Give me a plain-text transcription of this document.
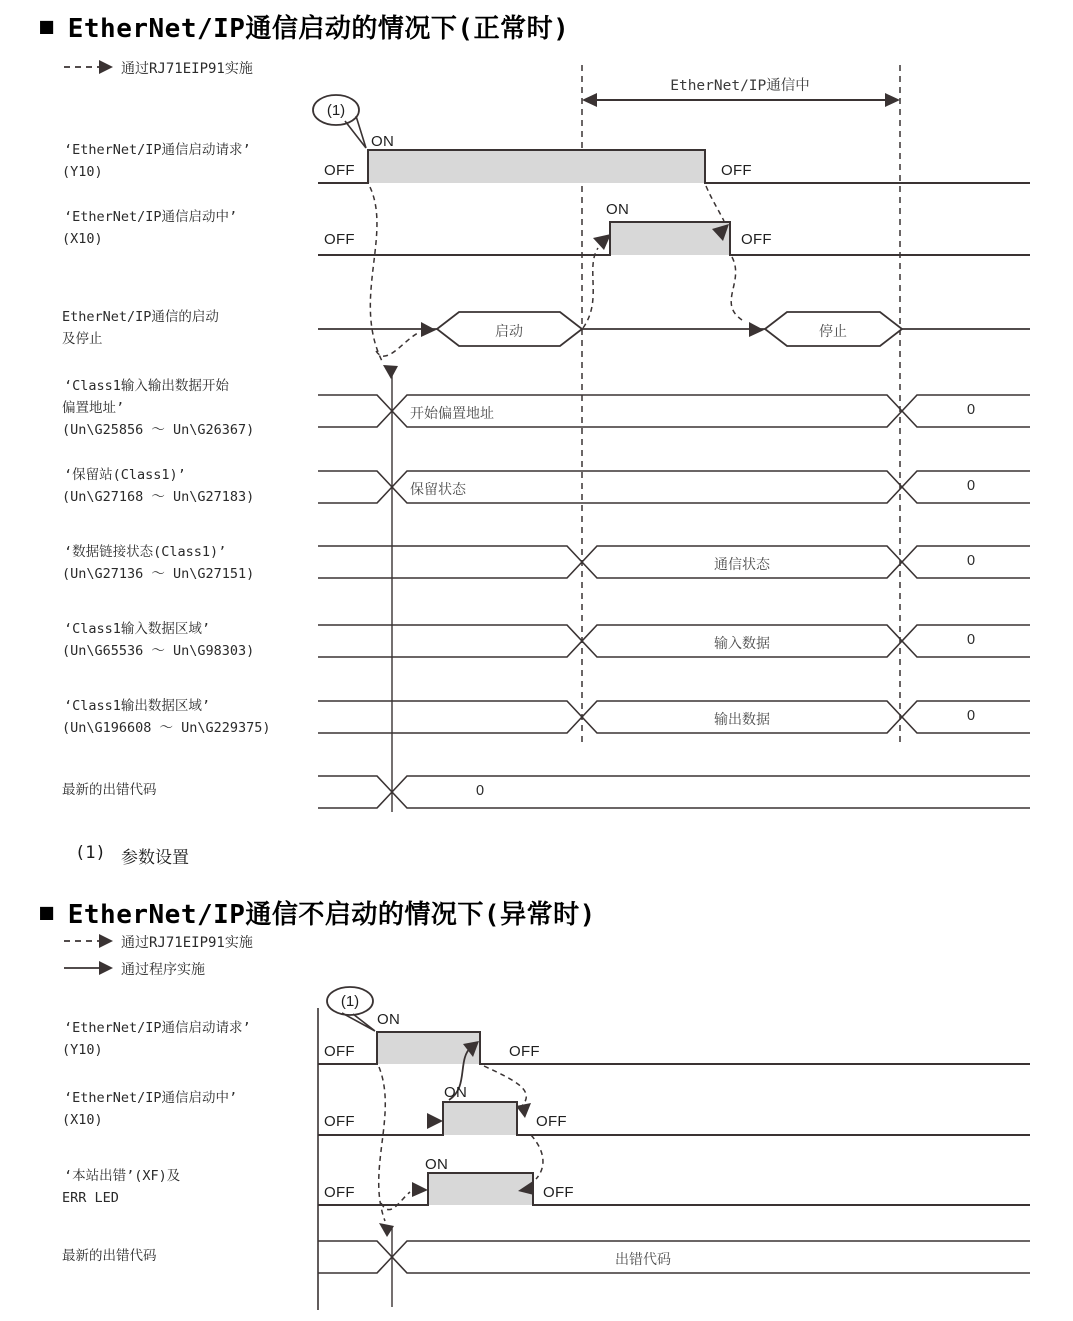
■ EtherNet/IP通信启动的情况下(正常时)
通过RJ71EIP91实施
EtherNet/IP通信中
(1)
‘EtherNet/IP通信启动请求’
(Y10)
‘EtherNet/IP通信启动中’
(X10)
EtherNet/IP通信的启动
及停止
‘Class1输入输出数据开始
偏置地址’
(Un\G25856 ～ Un\G26367)
‘保留站(Class1)’
(Un\G27168 ～ Un\G27183)
‘数据链接状态(Class1)’
(Un\G27136 ～ Un\G27151)
‘Class1输入数据区域’
(Un\G65536 ～ Un\G98303)
‘Class1输出数据区域’
(Un\G196608 ～ Un\G229375)
最新的出错代码
OFF
ON
OFF
OFF
ON
OFF
启动	停止
开始偏置地址
保留状态
通信状态
输入数据
输出数据
0
0
0
0
0
0
(1) 参数设置
■ EtherNet/IP通信不启动的情况下(异常时)
通过RJ71EIP91实施
通过程序实施
(1)
‘EtherNet/IP通信启动请求’
(Y10)
‘EtherNet/IP通信启动中’
(X10)
‘本站出错’(XF)及
ERR LED
最新的出错代码
OFF
ON
OFF
OFF
ON
OFF
OFF
ON
OFF
出错代码
